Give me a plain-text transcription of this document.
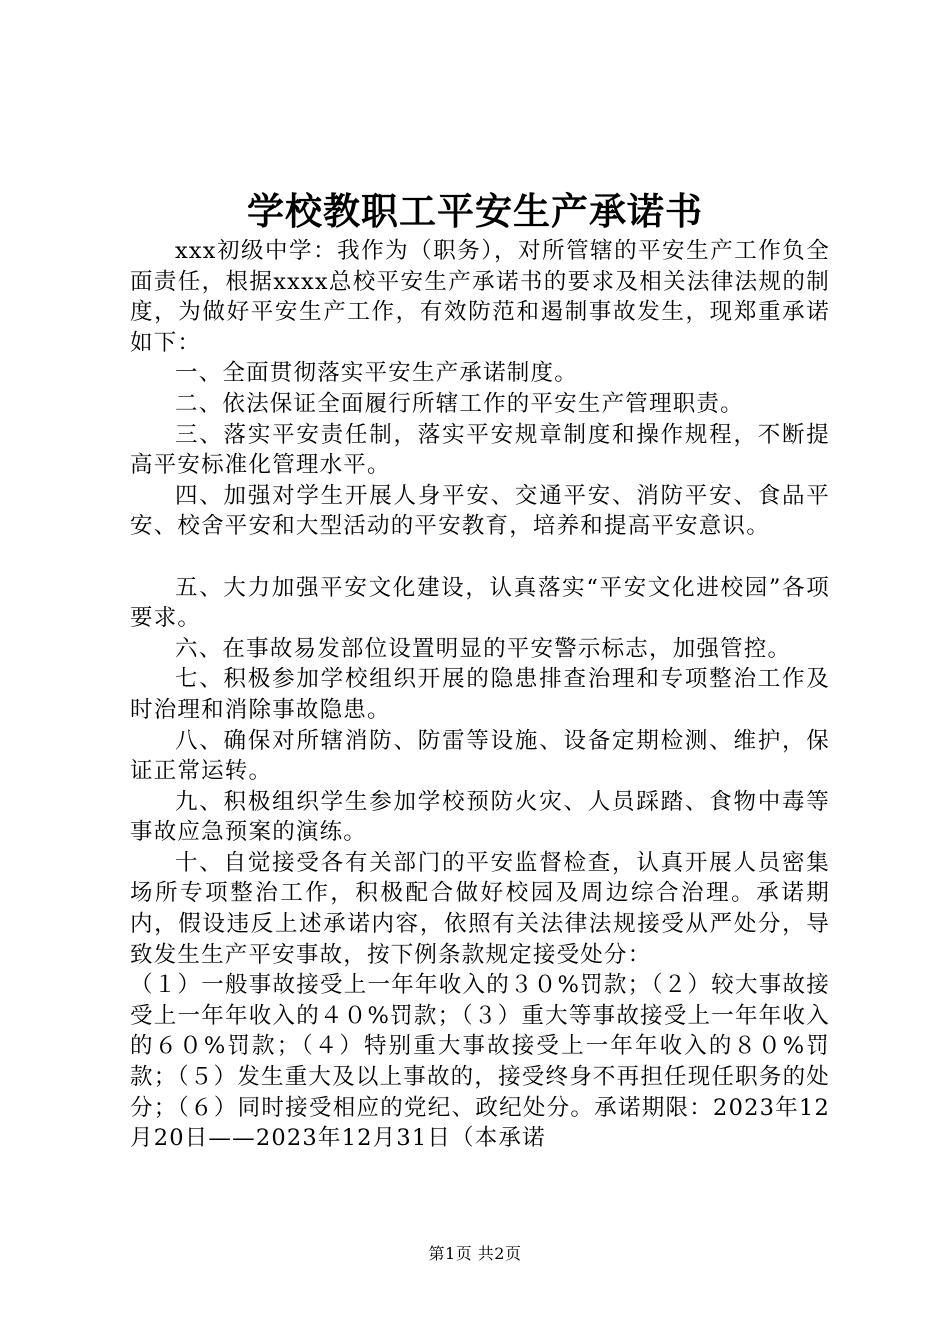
学校教职工平安生产承诺书

xxx初级中学：我作为（职务），对所管辖的平安生产工作负全面责任，根据xxxx总校平安生产承诺书的要求及相关法律法规的制度，为做好平安生产工作，有效防范和遏制事故发生，现郑重承诺如下：

一、全面贯彻落实平安生产承诺制度。

二、依法保证全面履行所辖工作的平安生产管理职责。

三、落实平安责任制，落实平安规章制度和操作规程，不断提高平安标准化管理水平。

四、加强对学生开展人身平安、交通平安、消防平安、食品平安、校舍平安和大型活动的平安教育，培养和提高平安意识。

五、大力加强平安文化建设，认真落实“平安文化进校园”各项要求。

六、在事故易发部位设置明显的平安警示标志，加强管控。

七、积极参加学校组织开展的隐患排查治理和专项整治工作及时治理和消除事故隐患。

八、确保对所辖消防、防雷等设施、设备定期检测、维护，保证正常运转。

九、积极组织学生参加学校预防火灾、人员踩踏、食物中毒等事故应急预案的演练。

十、自觉接受各有关部门的平安监督检查，认真开展人员密集场所专项整治工作，积极配合做好校园及周边综合治理。承诺期内，假设违反上述承诺内容，依照有关法律法规接受从严处分，导致发生生产平安事故，按下例条款规定接受处分：

（１）一般事故接受上一年年收入的３０%罚款；（２）较大事故接受上一年年收入的４０%罚款；（３）重大等事故接受上一年年收入的６０%罚款；（４）特别重大事故接受上一年年收入的８０%罚款；（５）发生重大及以上事故的，接受终身不再担任现任职务的处分；（６）同时接受相应的党纪、政纪处分。承诺期限：2023年12月20日——2023年12月31日（本承诺

第1页 共2页
